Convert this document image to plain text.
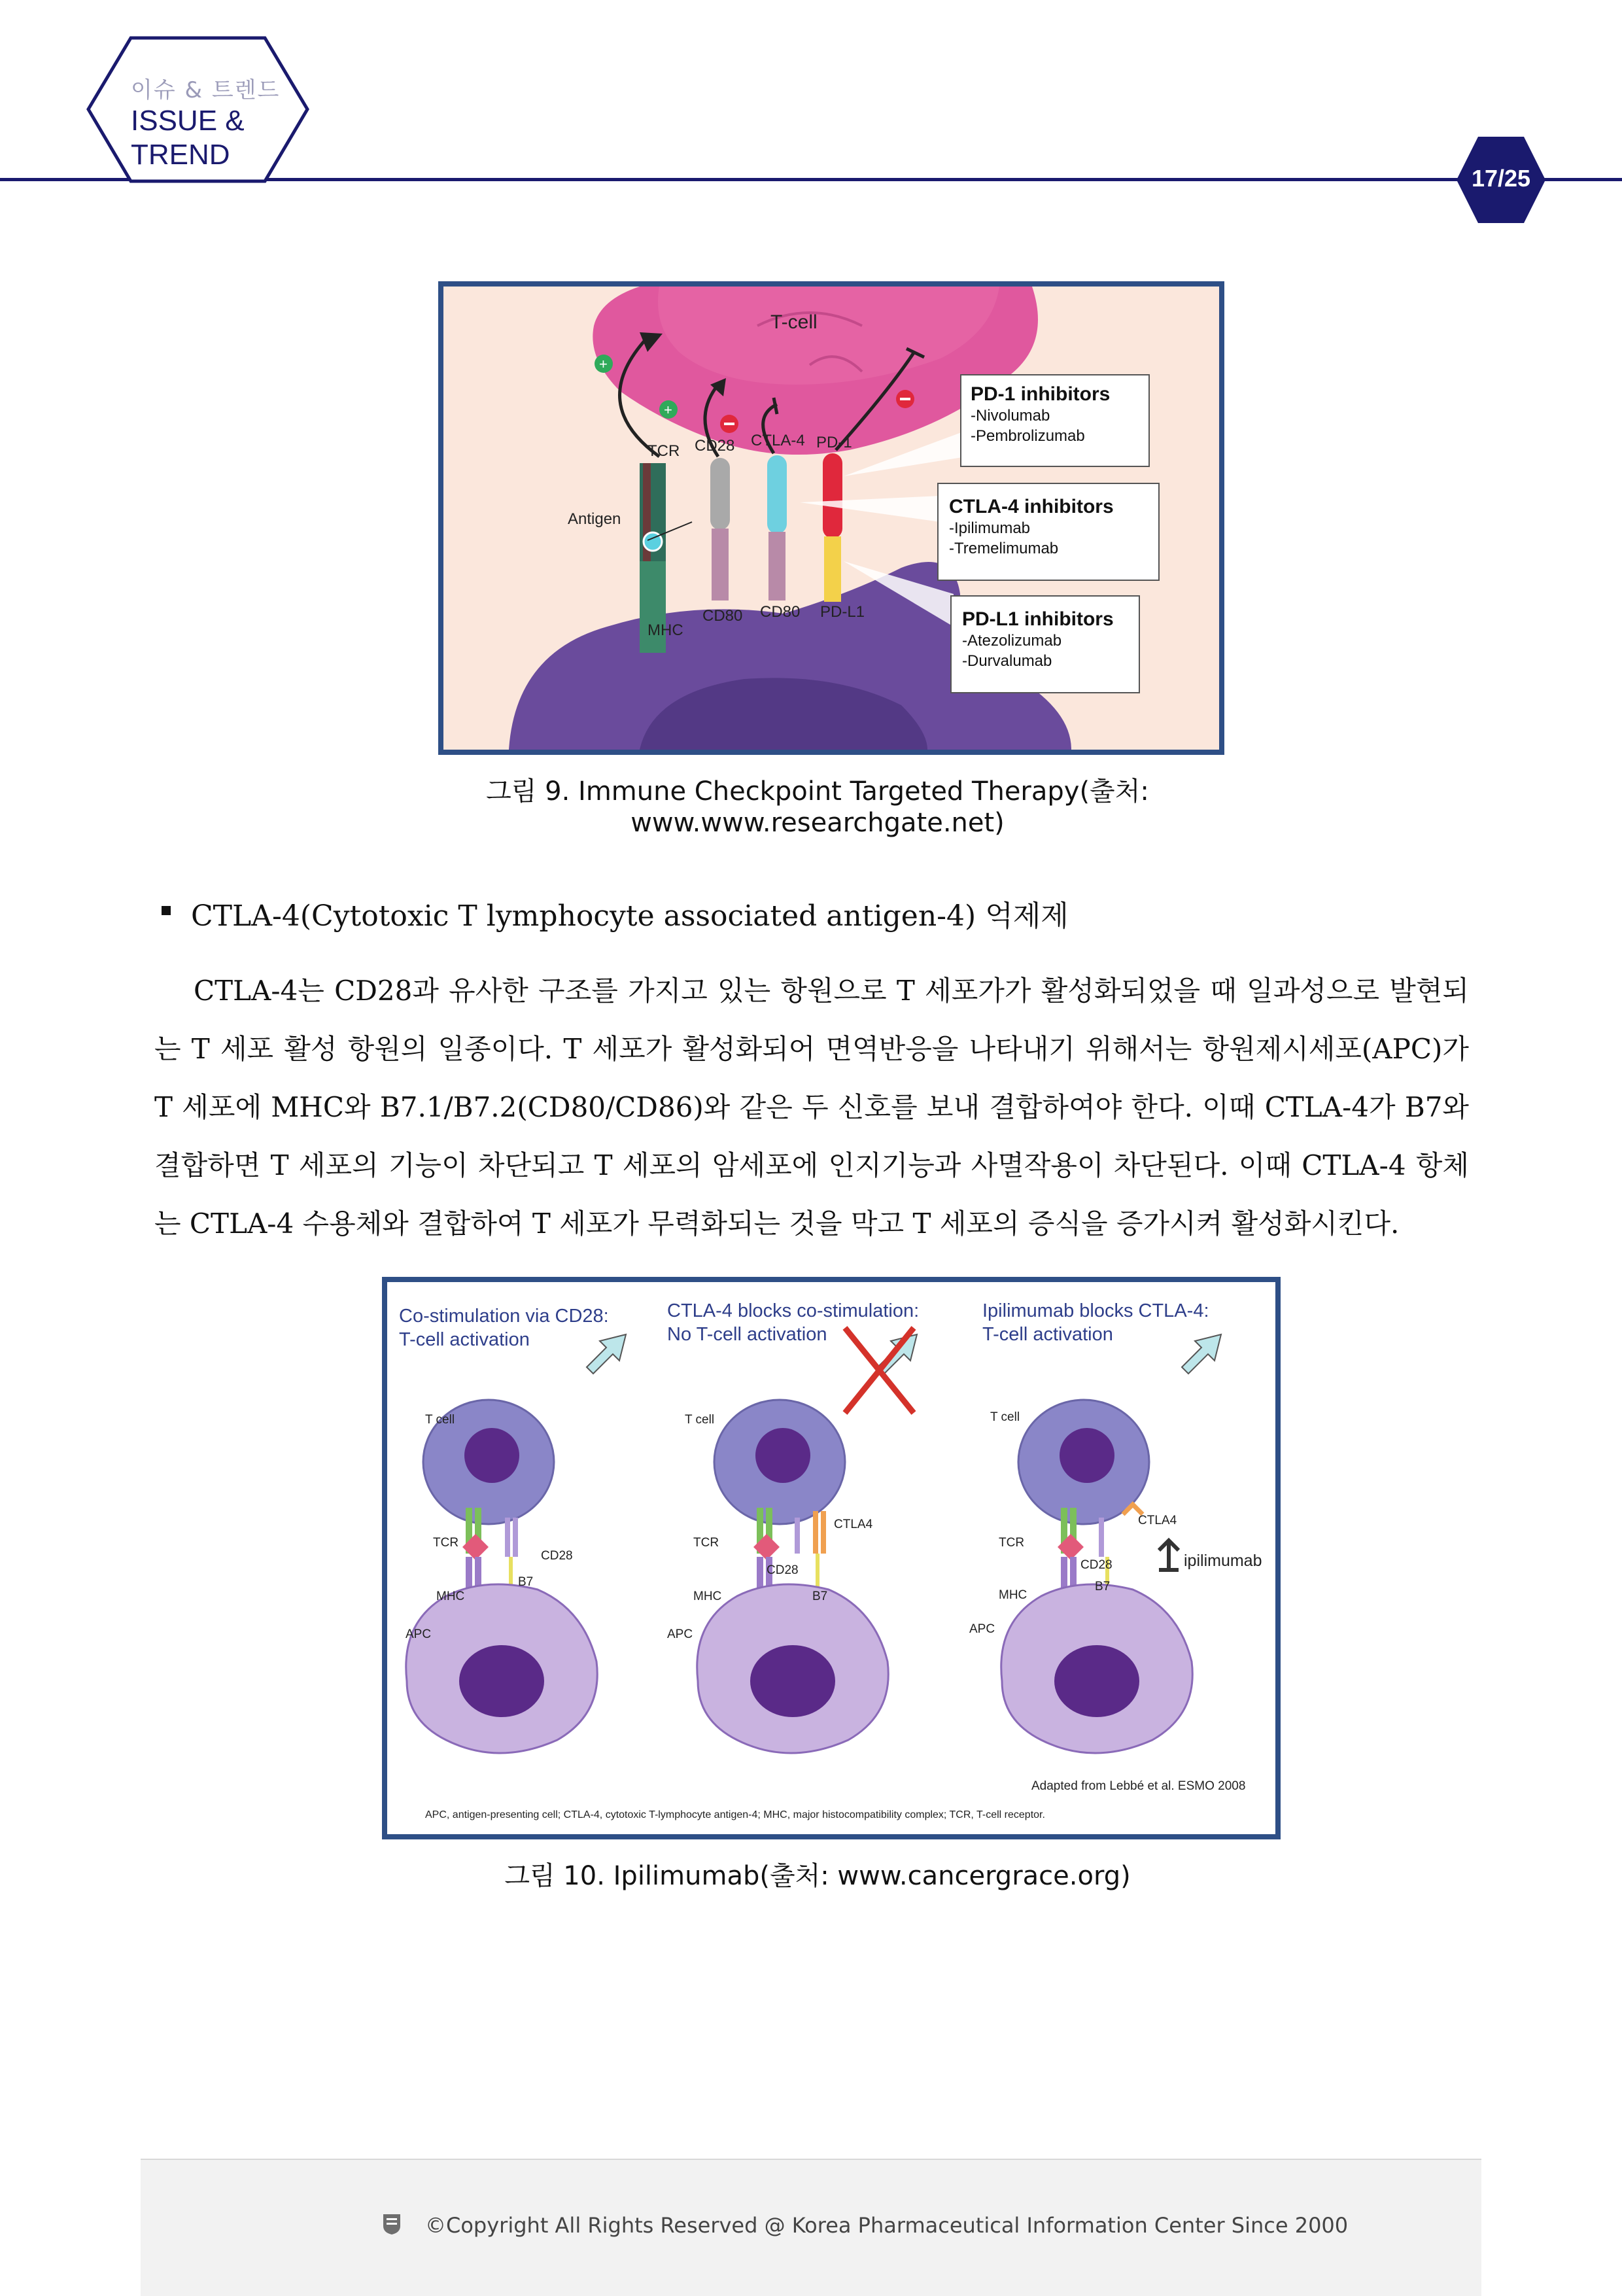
이슈 & 트렌드
ISSUE &
TREND
17/25
+
+
T-cell
TCR CD28 CTLA-4 PD-1
Antigen
MHC
CD80 CD80 PD-L1
PD-1 inhibitors
-Nivolumab
-Pembrolizumab
CTLA-4 inhibitors
-Ipilimumab
-Tremelimumab
PD-L1 inhibitors
-Atezolizumab
-Durvalumab
그림 9. Immune Checkpoint Targeted Therapy(출처: www.www.researchgate.net)
CTLA-4(Cytotoxic T lymphocyte associated antigen-4) 억제제
CTLA-4는 CD28과 유사한 구조를 가지고 있는 항원으로 T 세포가가 활성화되었을 때 일과성으로 발현되는 T 세포 활성 항원의 일종이다. T 세포가 활성화되어 면역반응을 나타내기 위해서는 항원제시세포(APC)가 T 세포에 MHC와 B7.1/B7.2(CD80/CD86)와 같은 두 신호를 보내 결합하여야 한다. 이때 CTLA-4가 B7와 결합하면 T 세포의 기능이 차단되고 T 세포의 암세포에 인지기능과 사멸작용이 차단된다. 이때 CTLA-4 항체는 CTLA-4 수용체와 결합하여 T 세포가 무력화되는 것을 막고 T 세포의 증식을 증가시켜 활성화시킨다.
Co-stimulation via CD28:
T-cell activation
T cell
TCR
CD28
MHC
B7
APC
CTLA-4 blocks co-stimulation:
No T-cell activation
T cell
TCR
CD28
CTLA4
MHC	B7
APC
Ipilimumab blocks CTLA-4:
T-cell activation
T cell
TCR
CD28
CTLA4
ipilimumab
MHC
B7
APC
Adapted from Lebbé et al. ESMO 2008
APC, antigen-presenting cell; CTLA-4, cytotoxic T-lymphocyte antigen-4; MHC, major histocompatibility complex; TCR, T-cell receptor.
그림 10. Ipilimumab(출처: www.cancergrace.org)
©Copyright All Rights Reserved @ Korea Pharmaceutical Information Center Since 2000
